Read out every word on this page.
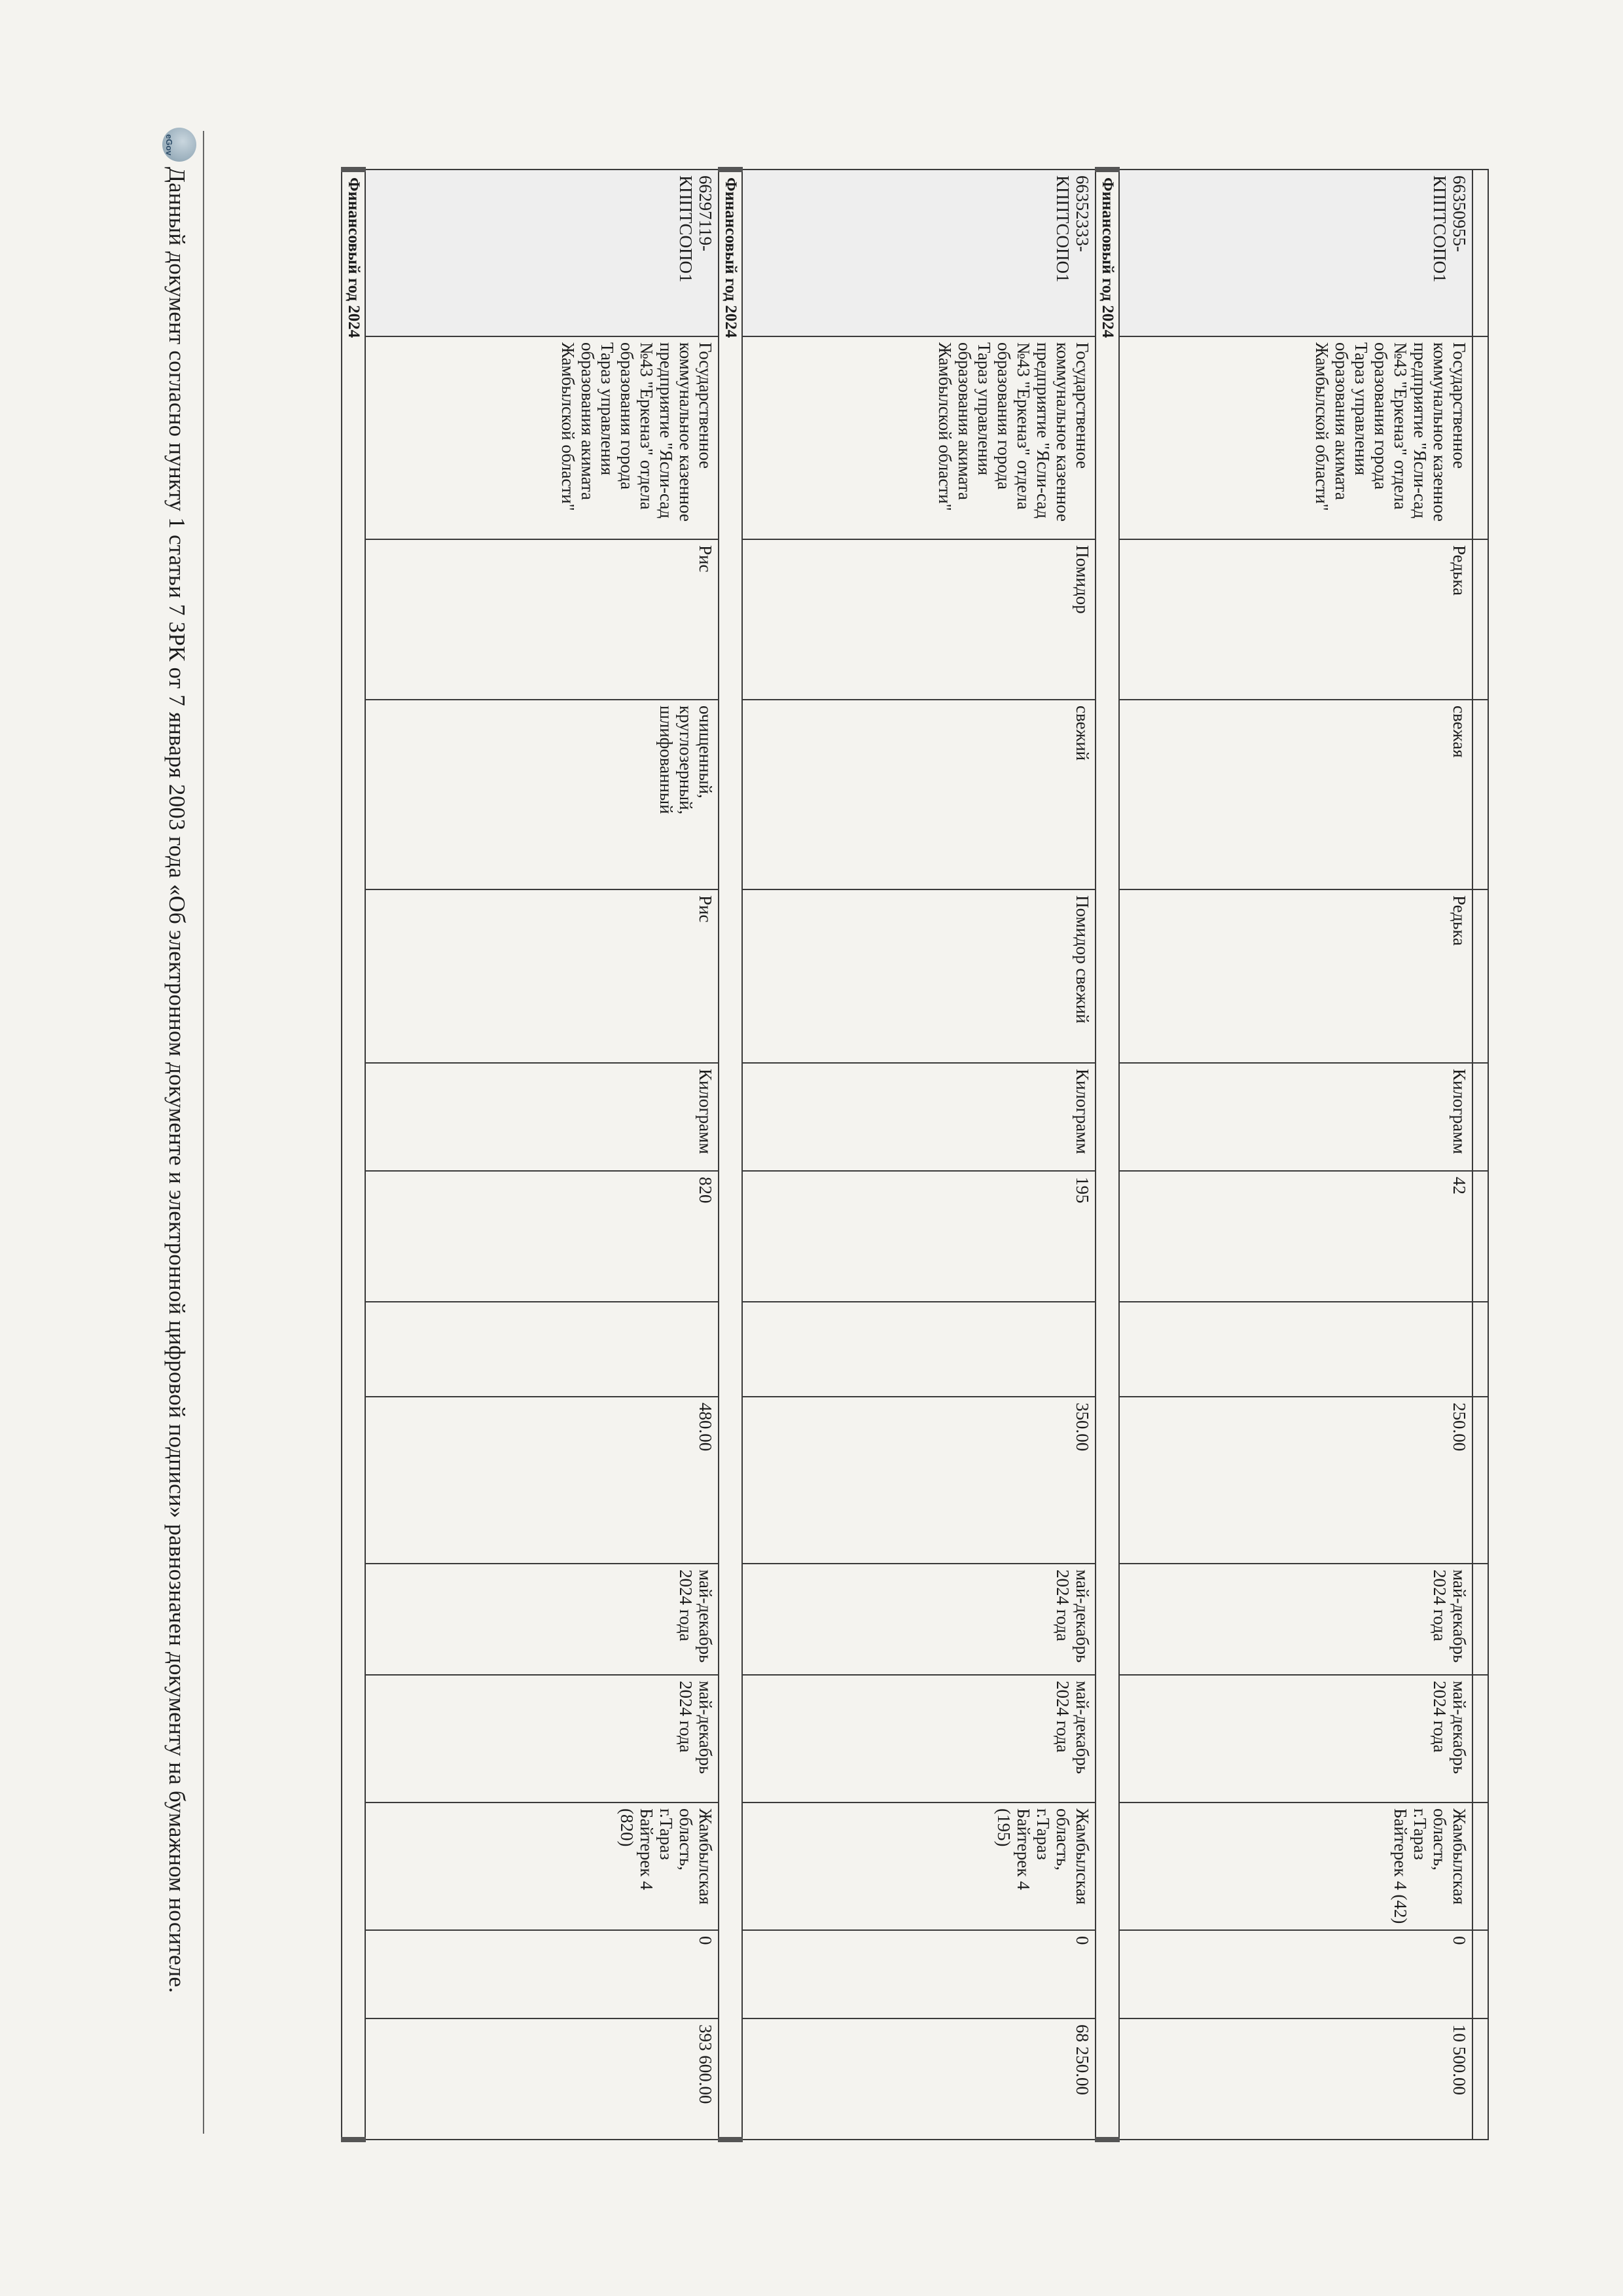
66350955-КППТСОПО1	Государственное коммунальное казенное предприятие "Ясли-сад №43 "Еркеназ" отдела образования города Тараз управления образования акимата Жамбылской области"	Редька	свежая	Редька	Килограмм	42		250.00	май-декабрь 2024 года	май-декабрь 2024 года	Жамбылская область, г.Тараз Байтерек 4 (42)	0	10 500.00
Финансовый год 2024													
66352333-КППТСОПО1	Государственное коммунальное казенное предприятие "Ясли-сад №43 "Еркеназ" отдела образования города Тараз управления образования акимата Жамбылской области"	Помидор	свежий	Помидор свежий	Килограмм	195		350.00	май-декабрь 2024 года	май-декабрь 2024 года	Жамбылская область, г.Тараз Байтерек 4 (195)	0	68 250.00
Финансовый год 2024													
66297119-КППТСОПО1	Государственное коммунальное казенное предприятие "Ясли-сад №43 "Еркеназ" отдела образования города Тараз управления образования акимата Жамбылской области"	Рис	очищенный, круглозерный, шлифованный	Рис	Килограмм	820		480.00	май-декабрь 2024 года	май-декабрь 2024 года	Жамбылская область, г.Тараз Байтерек 4 (820)	0	393 600.00
Финансовый год 2024													
eGov
Данный документ согласно пункту 1 статьи 7 ЗРК от 7 января 2003 года «Об электронном документе и электронной цифровой подписи» равнозначен документу на бумажном носителе.
